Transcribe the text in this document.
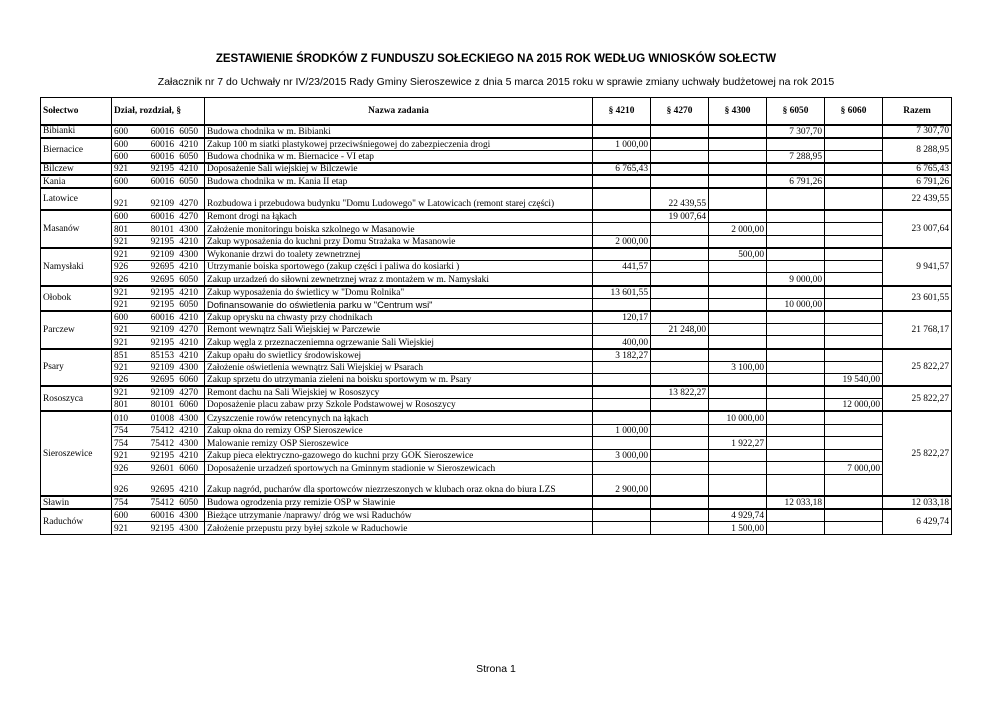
ZESTAWIENIE ŚRODKÓW Z FUNDUSZU SOŁECKIEGO NA 2015 ROK WEDŁUG WNIOSKÓW SOŁECTW
Załacznik nr 7 do Uchwały nr IV/23/2015 Rady Gminy Sieroszewice z dnia 5 marca 2015 roku w sprawie zmiany uchwały budżetowej na rok 2015
Sołectwo	Dział, rozdział, §	Nazwa zadania	§ 4210	§ 4270	§ 4300	§ 6050	§ 6060	Razem
Bibianki	600 60016 6050	Budowa chodnika w m. Bibianki				7 307,70		7 307,70
Biernacice	600 60016 4210	Zakup 100 m siatki plastykowej przeciwśniegowej do zabezpieczenia drogi	1 000,00					8 288,95
	600 60016 6050	Budowa chodnika w m. Biernacice - VI etap				7 288,95		
Bilczew	921 92195 4210	Doposażenie Sali wiejskiej w Bilczewie	6 765,43					6 765,43
Kania	600 60016 6050	Budowa chodnika w m. Kania II etap				6 791,26		6 791,26
Latowice	921 92109 4270	Rozbudowa i przebudowa budynku "Domu Ludowego" w Latowicach (remont starej części)		22 439,55				22 439,55
Masanów	600 60016 4270	Remont drogi na łąkach		19 007,64				23 007,64
	801 80101 4300	Założenie monitoringu boiska szkolnego w Masanowie			2 000,00			
	921 92195 4210	Zakup wyposażenia do kuchni przy Domu Strażaka w Masanowie	2 000,00					
Namysłaki	921 92109 4300	Wykonanie drzwi do toalety zewnetrznej			500,00			9 941,57
	926 92695 4210	Utrzymanie boiska sportowego (zakup części i paliwa do kosiarki )	441,57					
	926 92695 6050	Zakup urzadzeń do siłowni zewnetrznej wraz z montażem w m. Namysłaki				9 000,00		
Ołobok	921 92195 4210	Zakup wyposażenia do świetlicy w "Domu Rolnika"	13 601,55					23 601,55
	921 92195 6050	Dofinansowanie do oświetlenia parku w "Centrum wsi"				10 000,00		
Parczew	600 60016 4210	Zakup oprysku na chwasty przy chodnikach	120,17					21 768,17
	921 92109 4270	Remont wewnątrz Sali Wiejskiej w Parczewie		21 248,00				
	921 92195 4210	Zakup węgla z przeznaczeniemna ogrzewanie Sali Wiejskiej	400,00					
Psary	851 85153 4210	Zakup opału do swietlicy środowiskowej	3 182,27					25 822,27
	921 92109 4300	Założenie oświetlenia wewnątrz Sali Wiejskiej w Psarach			3 100,00			
	926 92695 6060	Zakup sprzetu do utrzymania zieleni na boisku sportowym w m. Psary					19 540,00	
Rososzyca	921 92109 4270	Remont dachu na Sali Wiejskiej w Rososzycy		13 822,27				25 822,27
	801 80101 6060	Doposażenie placu zabaw przy Szkole Podstawowej w Rososzycy					12 000,00	
Sieroszewice	010 01008 4300	Czyszczenie rowów retencynych na łąkach			10 000,00			25 822,27
	754 75412 4210	Zakup okna do remizy OSP Sieroszewice	1 000,00					
	754 75412 4300	Malowanie remizy OSP Sieroszewice			1 922,27			
	921 92195 4210	Zakup pieca elektryczno-gazowego do kuchni przy GOK Sieroszewice	3 000,00					
	926 92601 6060	Doposażenie urzadzeń sportowych na Gminnym stadionie w Sieroszewicach					7 000,00	
	926 92695 4210	Zakup nagród, pucharów dla sportowców niezrzeszonych w klubach oraz okna do biura LZS	2 900,00					
Sławin	754 75412 6050	Budowa ogrodzenia przy remizie OSP w Sławinie				12 033,18		12 033,18
Raduchów	600 60016 4300	Bieżące utrzymanie /naprawy/ dróg we wsi Raduchów			4 929,74			6 429,74
	921 92195 4300	Założenie przepustu przy byłej szkole w Raduchowie			1 500,00			
Strona 1
